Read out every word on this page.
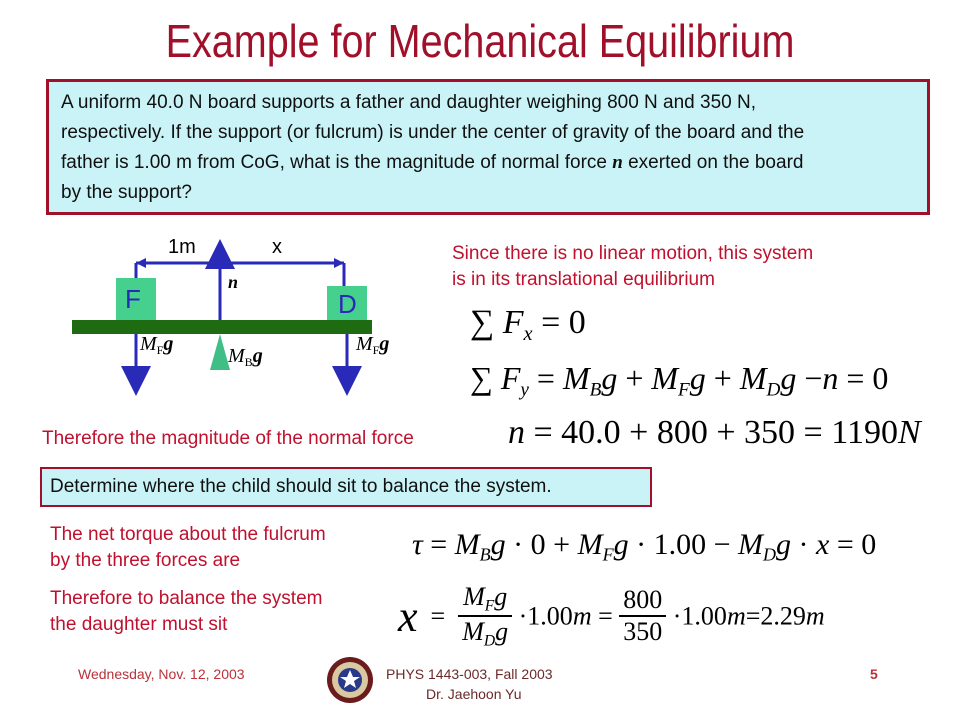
Example for Mechanical Equilibrium
A uniform 40.0 N board supports a father and daughter weighing 800 N and 350 N,
respectively. If the support (or fulcrum) is under the center of gravity of the board and the
father is 1.00 m from CoG, what is the magnitude of normal force n exerted on the board
by the support?
1m	x
n
F	D
$M_Fg$
$M_Bg$
$M_Fg$
Since there is no linear motion, this system
is in its translational equilibrium
∑ $F_x = 0$
∑ $F_y = M_Bg + M_Fg + M_Dg -n = 0$
n = 40.0 + 800 + 350 = 1190N
Therefore the magnitude of the normal force
Determine where the child should sit to balance the system.
The net torque about the fulcrum
by the three forces are	$\tau = M_Bg \cdot 0 + M_Fg \cdot 1.00 - M_Dg \cdot x = 0$
Therefore to balance the system
the daughter must sit	$x = \frac{M_Fg}{M_Dg} \cdot 1.00m = \frac{800}{350} \cdot 1.00m=2.29m$
Wednesday, Nov. 12, 2003	PHYS 1443-003, Fall 2003
Dr. Jaehoon Yu
5
